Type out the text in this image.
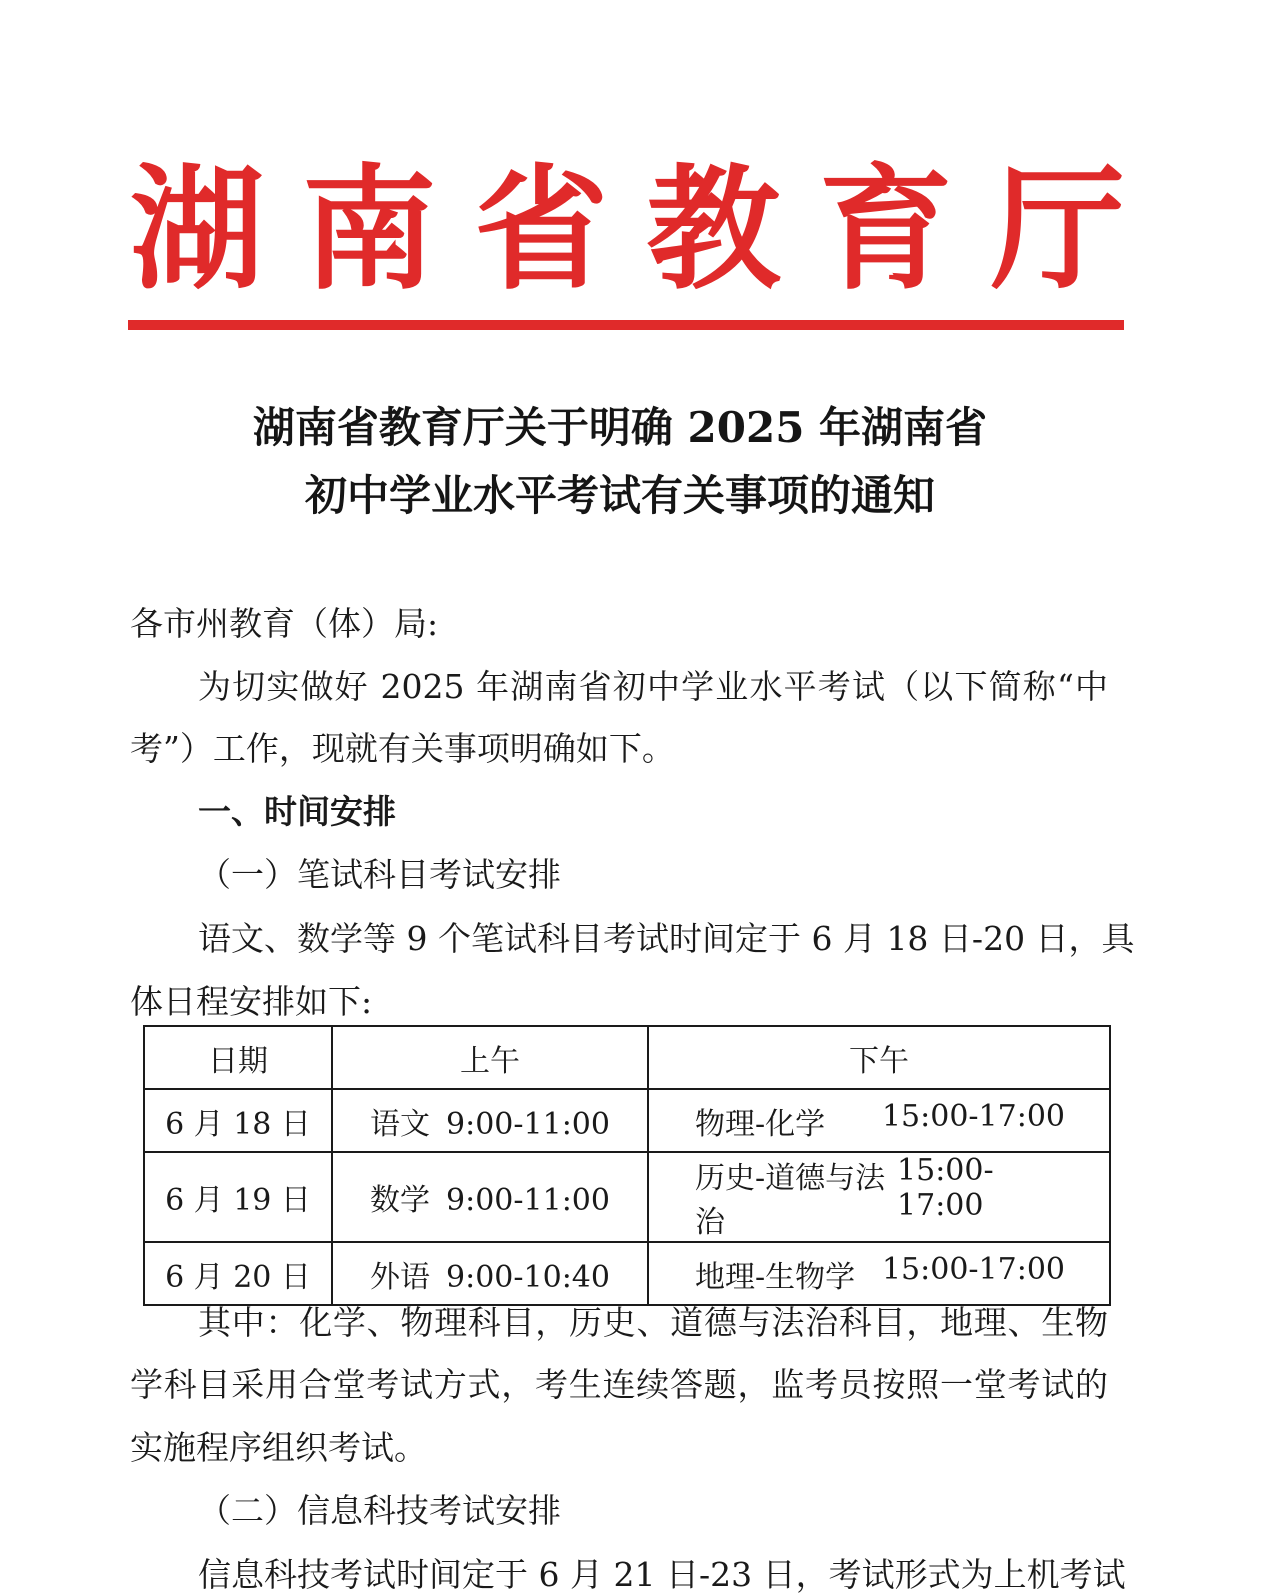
湖 南 省 教 育 厅
湖南省教育厅关于明确 2025 年湖南省
初中学业水平考试有关事项的通知
各市州教育（体）局:
为切实做好 2025 年湖南省初中学业水平考试（以下简称“中
考”）工作，现就有关事项明确如下。
一、时间安排
（一）笔试科目考试安排
语文、数学等 9 个笔试科目考试时间定于 6 月 18 日-20 日，具
体日程安排如下:
日期	上午	下午
6 月 18 日	语文 9:00-11:00	物理-化学 15:00-17:00

6 月 19 日	数学 9:00-11:00	历史-道德与法治
15:00-17:00

6 月 20 日	外语 9:00-10:40	地理-生物学 15:00-17:00
其中：化学、物理科目，历史、道德与法治科目，地理、生物
学科目采用合堂考试方式，考生连续答题，监考员按照一堂考试的
实施程序组织考试。
（二）信息科技考试安排
信息科技考试时间定于 6 月 21 日-23 日，考试形式为上机考试
